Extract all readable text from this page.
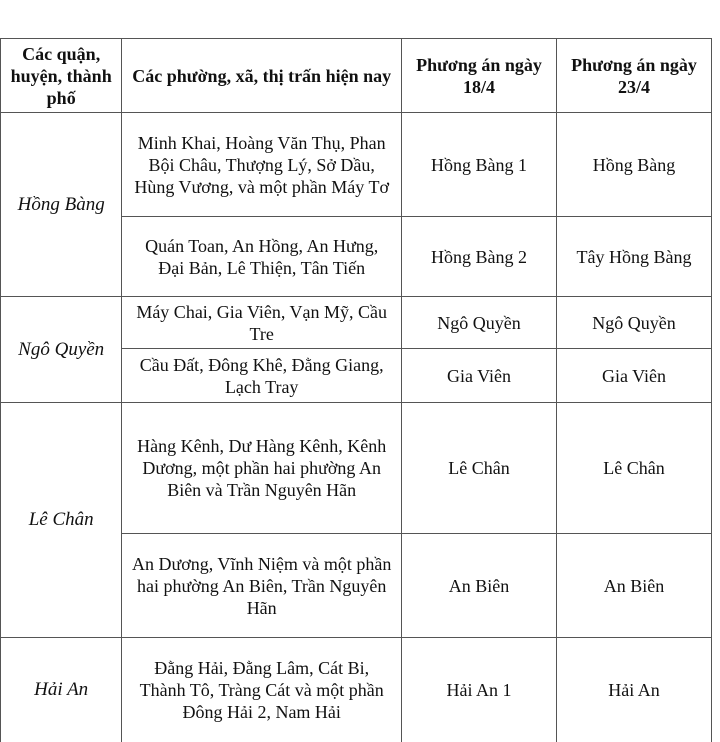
Các quận, huyện, thành phố	Các phường, xã, thị trấn hiện nay	Phương án ngày 18/4	Phương án ngày 23/4
Hồng Bàng	Minh Khai, Hoàng Văn Thụ, Phan Bội Châu, Thượng Lý, Sở Dầu, Hùng Vương, và một phần Máy Tơ	Hồng Bàng 1	Hồng Bàng
	Quán Toan, An Hồng, An Hưng, Đại Bản, Lê Thiện, Tân Tiến	Hồng Bàng 2	Tây Hồng Bàng
Ngô Quyền	Máy Chai, Gia Viên, Vạn Mỹ, Cầu Tre	Ngô Quyền	Ngô Quyền
	Cầu Đất, Đông Khê, Đằng Giang, Lạch Tray	Gia Viên	Gia Viên
Lê Chân	Hàng Kênh, Dư Hàng Kênh, Kênh Dương, một phần hai phường An Biên và Trần Nguyên Hãn	Lê Chân	Lê Chân
	An Dương, Vĩnh Niệm và một phần hai phường An Biên, Trần Nguyên Hãn	An Biên	An Biên
Hải An	Đằng Hải, Đằng Lâm, Cát Bi, Thành Tô, Tràng Cát và một phần Đông Hải 2, Nam Hải	Hải An 1	Hải An
